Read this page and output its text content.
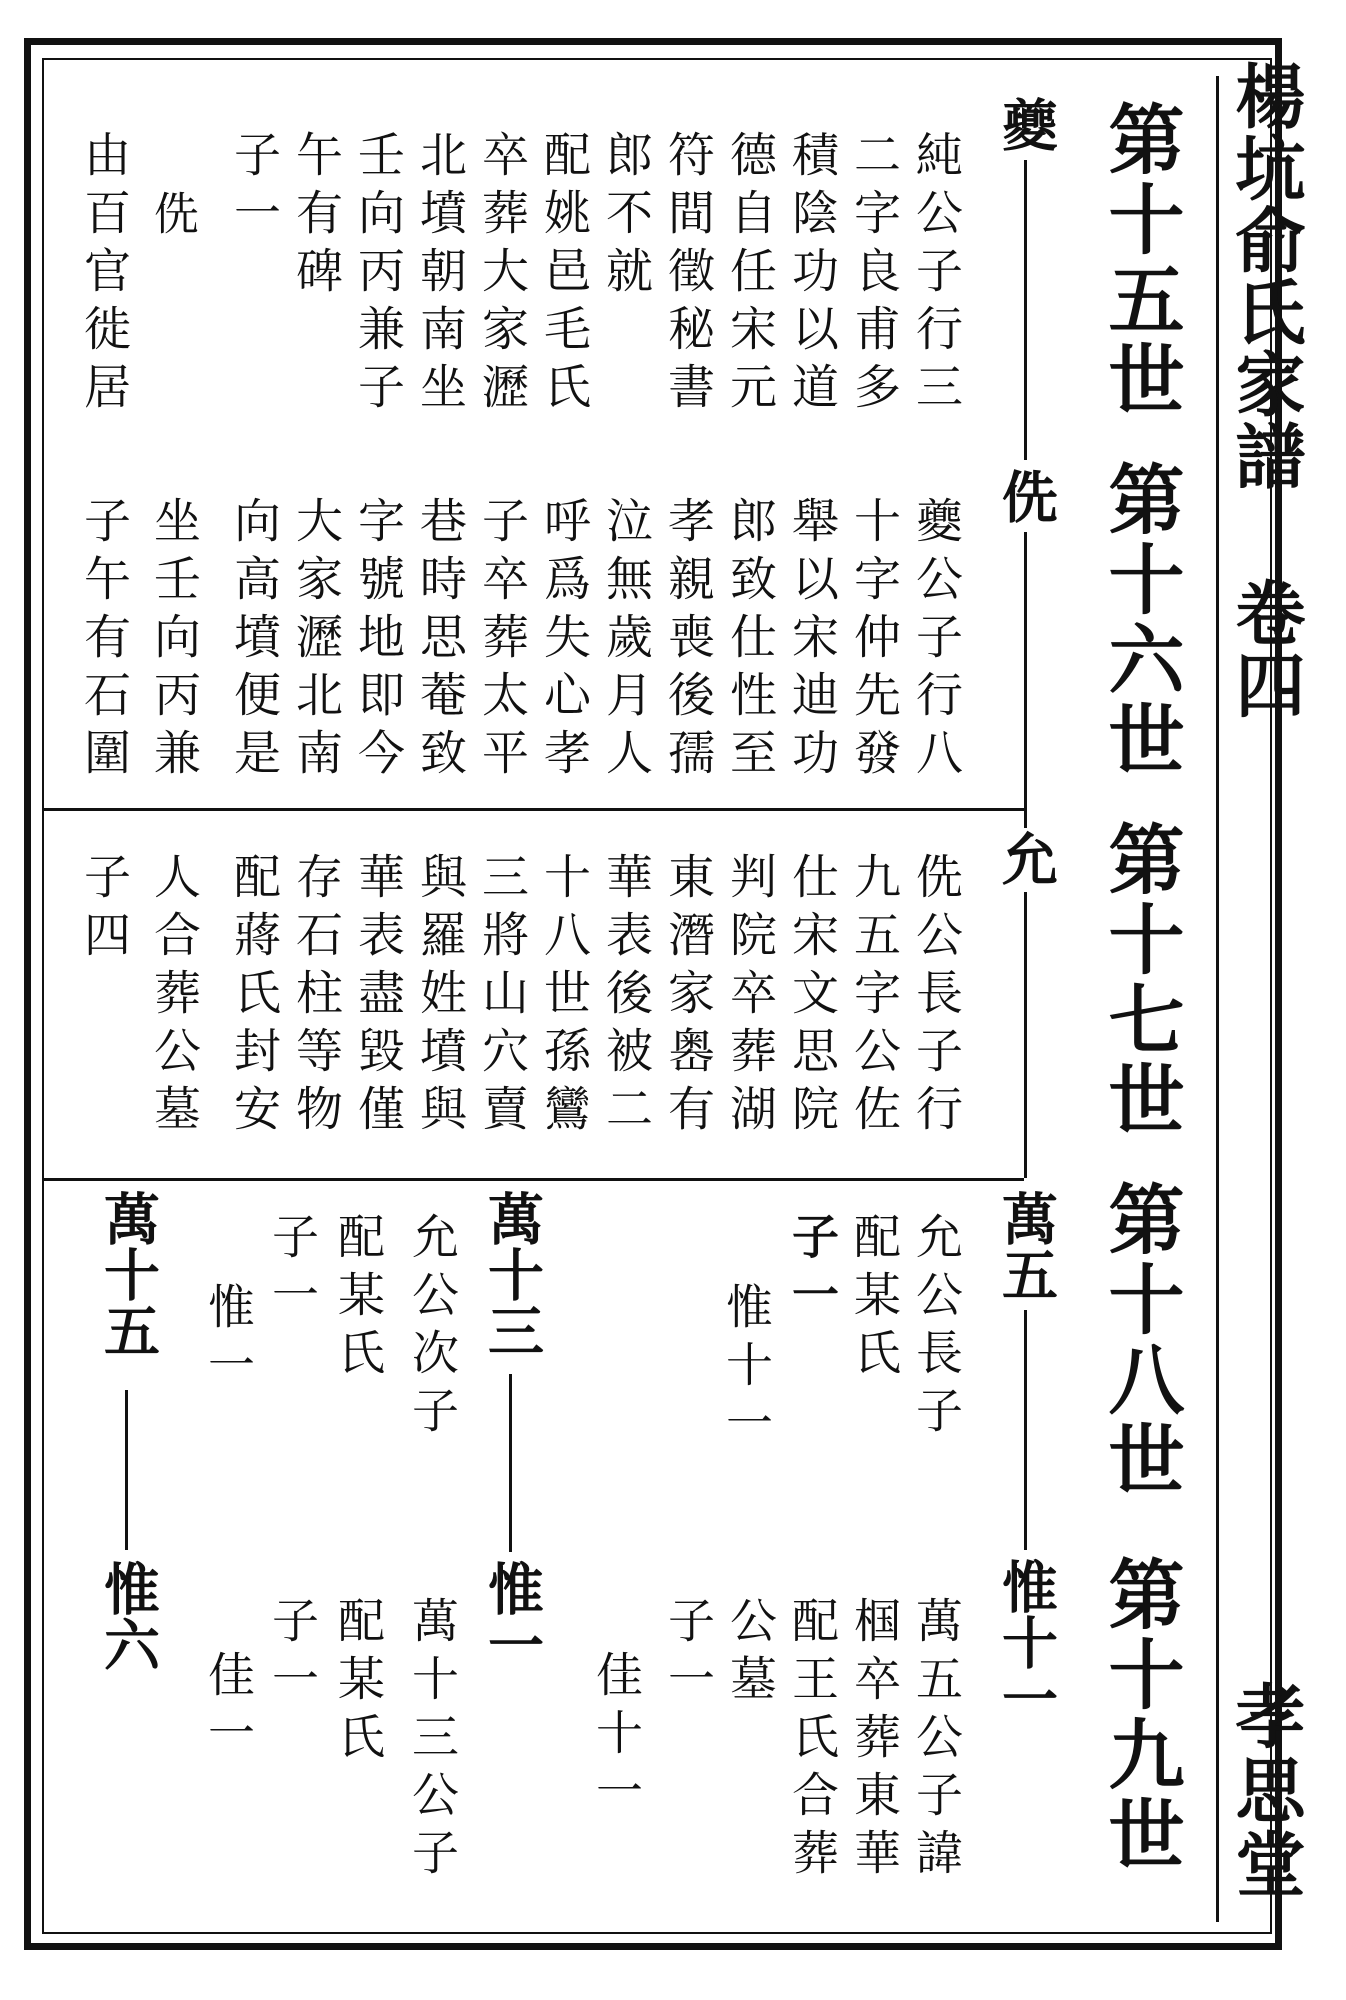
第十五世
第十六世
第十七世
第十八世
第十九世
楊坑俞氏家譜 卷四
孝思堂
夔
侁
允
萬五
惟十一
純公子行三
二字良甫多
積陰功以道
德自任宋元
符間徵秘書
郎不就
配姚邑毛氏
卒葬大家瀝
北墳朝南坐
壬向丙兼子
午有碑
子一
侁
由百官徙居
夔公子行八
十字仲先發
舉以宋迪功
郎致仕性至
孝親喪後孺
泣無歲月人
呼爲失心孝
子卒葬太平
巷時思菴致
字號地即今
大家瀝北南
向高墳便是
坐壬向丙兼
子午有石圍
侁公長子行
九五字公佐
仕宋文思院
判院卒葬湖
東潛家嶴有
華表後被二
十八世孫鸞
三將山穴賣
與羅姓墳與
華表盡毀僅
存石柱等物
配蔣氏封安
人合葬公墓
子四
允公長子
配某氏
子一
惟十一
萬五公子諱
椢卒葬東華
配王氏合葬
公墓
子一
佳十一
萬十三
惟一
允公次子
配某氏
子一
惟一
萬十三公子
配某氏
子一
佳一
萬十五
惟六
